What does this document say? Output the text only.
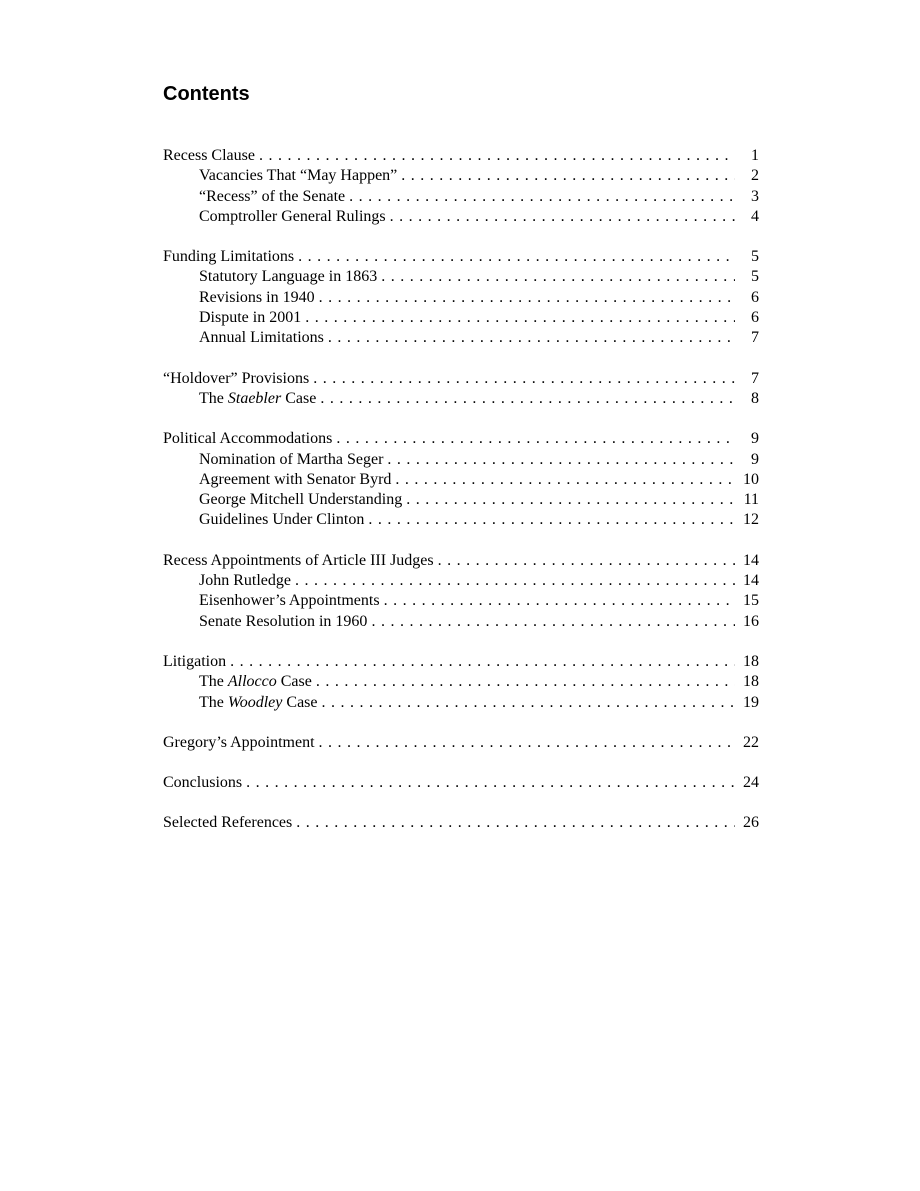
Contents
Recess Clause . . .	1
Vacancies That “May Happen” . . .	2
“Recess” of the Senate . . .	3
Comptroller General Rulings . . .	4
Funding Limitations . . .	5
Statutory Language in 1863 . . .	5
Revisions in 1940 . . .	6
Dispute in 2001 . . .	6
Annual Limitations . . .	7
“Holdover” Provisions . . .	7
The Staebler Case . . .	8
Political Accommodations . . .	9
Nomination of Martha Seger . . .	9
Agreement with Senator Byrd . . .	10
George Mitchell Understanding . . .	11
Guidelines Under Clinton . . .	12
Recess Appointments of Article III Judges . . .	14
John Rutledge . . .	14
Eisenhower’s Appointments . . .	15
Senate Resolution in 1960 . . .	16
Litigation . . .	18
The Allocco Case . . .	18
The Woodley Case . . .	19
Gregory’s Appointment . . .	22
Conclusions . . .	24
Selected References . . .	26
